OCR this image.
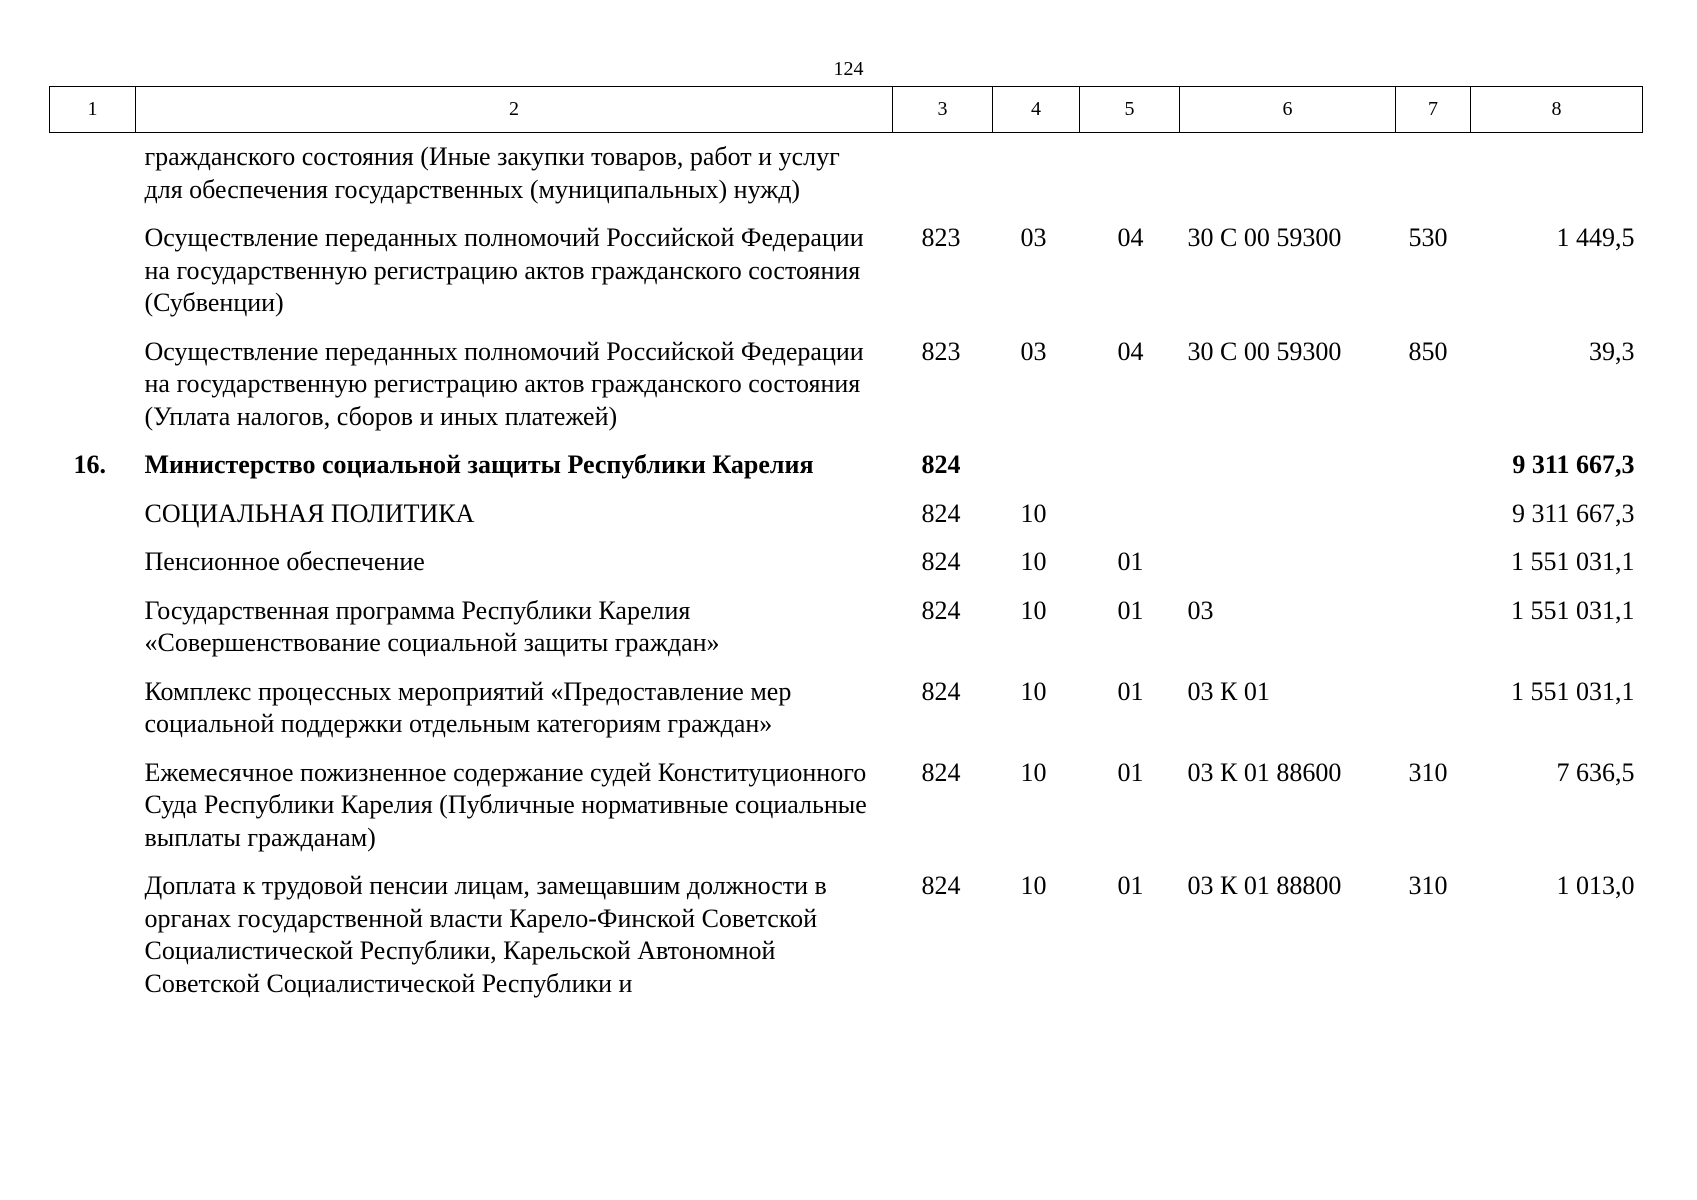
124
1	2	3	4	5	6	7	8
	гражданского состояния (Иные закупки товаров, работ и услуг для обеспечения государственных (муниципальных) нужд)						
	Осуществление переданных полномочий Российской Федерации на государственную регистрацию актов гражданского состояния (Субвенции)	823	03	04	30 С 00 59300	530	1 449,5
	Осуществление переданных полномочий Российской Федерации на государственную регистрацию актов гражданского состояния (Уплата налогов, сборов и иных платежей)	823	03	04	30 С 00 59300	850	39,3
16.	Министерство социальной защиты Республики Карелия	824					9 311 667,3
	СОЦИАЛЬНАЯ ПОЛИТИКА	824	10				9 311 667,3
	Пенсионное обеспечение	824	10	01			1 551 031,1
	Государственная программа Республики Карелия «Совершенствование социальной защиты граждан»	824	10	01	03		1 551 031,1
	Комплекс процессных мероприятий «Предоставление мер социальной поддержки отдельным категориям граждан»	824	10	01	03 К 01		1 551 031,1
	Ежемесячное пожизненное содержание судей Конституционного Суда Республики Карелия (Публичные нормативные социальные выплаты гражданам)	824	10	01	03 К 01 88600	310	7 636,5
	Доплата к трудовой пенсии лицам, замещавшим должности в органах государственной власти Карело-Финской Советской Социалистической Республики, Карельской Автономной Советской Социалистической Республики и	824	10	01	03 К 01 88800	310	1 013,0
